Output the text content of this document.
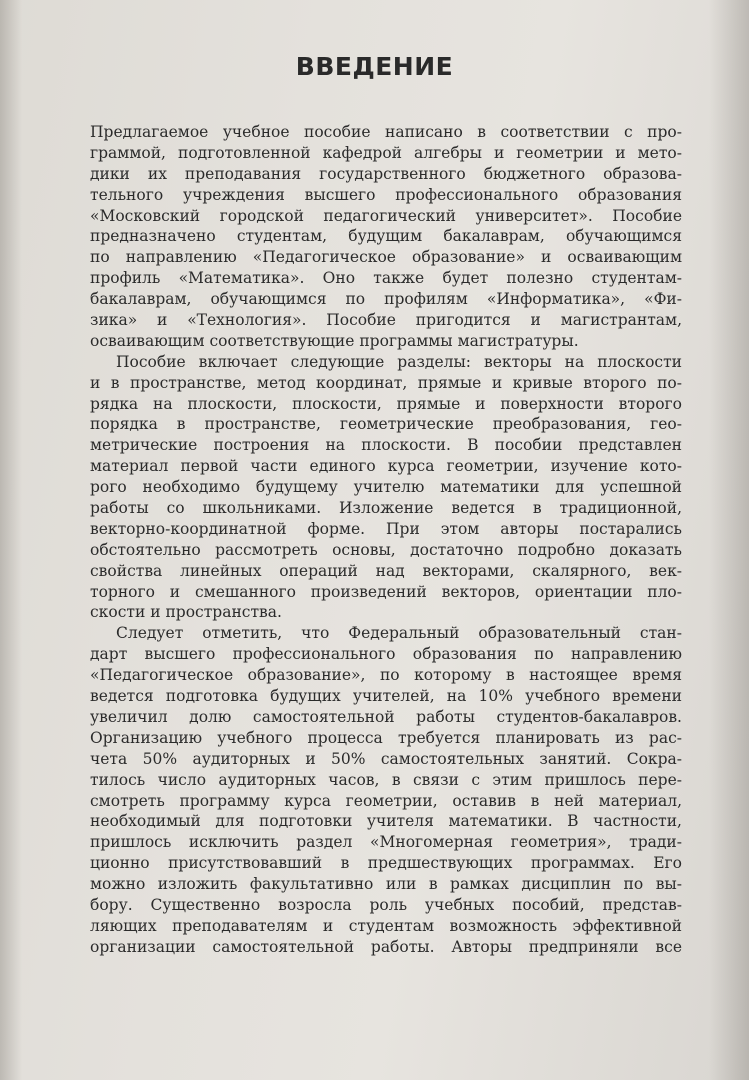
ВВЕДЕНИЕ
Предлагаемое учебное пособие написано в соответствии с про-
граммой, подготовленной кафедрой алгебры и геометрии и мето-
дики их преподавания государственного бюджетного образова-
тельного учреждения высшего профессионального образования
«Московский городской педагогический университет». Пособие
предназначено студентам, будущим бакалаврам, обучающимся
по направлению «Педагогическое образование» и осваивающим
профиль «Математика». Оно также будет полезно студентам-
бакалаврам, обучающимся по профилям «Информатика», «Фи-
зика» и «Технология». Пособие пригодится и магистрантам,
осваивающим соответствующие программы магистратуры.
Пособие включает следующие разделы: векторы на плоскости
и в пространстве, метод координат, прямые и кривые второго по-
рядка на плоскости, плоскости, прямые и поверхности второго
порядка в пространстве, геометрические преобразования, гео-
метрические построения на плоскости. В пособии представлен
материал первой части единого курса геометрии, изучение кото-
рого необходимо будущему учителю математики для успешной
работы со школьниками. Изложение ведется в традиционной,
векторно-координатной форме. При этом авторы постарались
обстоятельно рассмотреть основы, достаточно подробно доказать
свойства линейных операций над векторами, скалярного, век-
торного и смешанного произведений векторов, ориентации пло-
скости и пространства.
Следует отметить, что Федеральный образовательный стан-
дарт высшего профессионального образования по направлению
«Педагогическое образование», по которому в настоящее время
ведется подготовка будущих учителей, на 10% учебного времени
увеличил долю самостоятельной работы студентов-бакалавров.
Организацию учебного процесса требуется планировать из рас-
чета 50% аудиторных и 50% самостоятельных занятий. Сокра-
тилось число аудиторных часов, в связи с этим пришлось пере-
смотреть программу курса геометрии, оставив в ней материал,
необходимый для подготовки учителя математики. В частности,
пришлось исключить раздел «Многомерная геометрия», тради-
ционно присутствовавший в предшествующих программах. Его
можно изложить факультативно или в рамках дисциплин по вы-
бору. Существенно возросла роль учебных пособий, представ-
ляющих преподавателям и студентам возможность эффективной
организации самостоятельной работы. Авторы предприняли все
